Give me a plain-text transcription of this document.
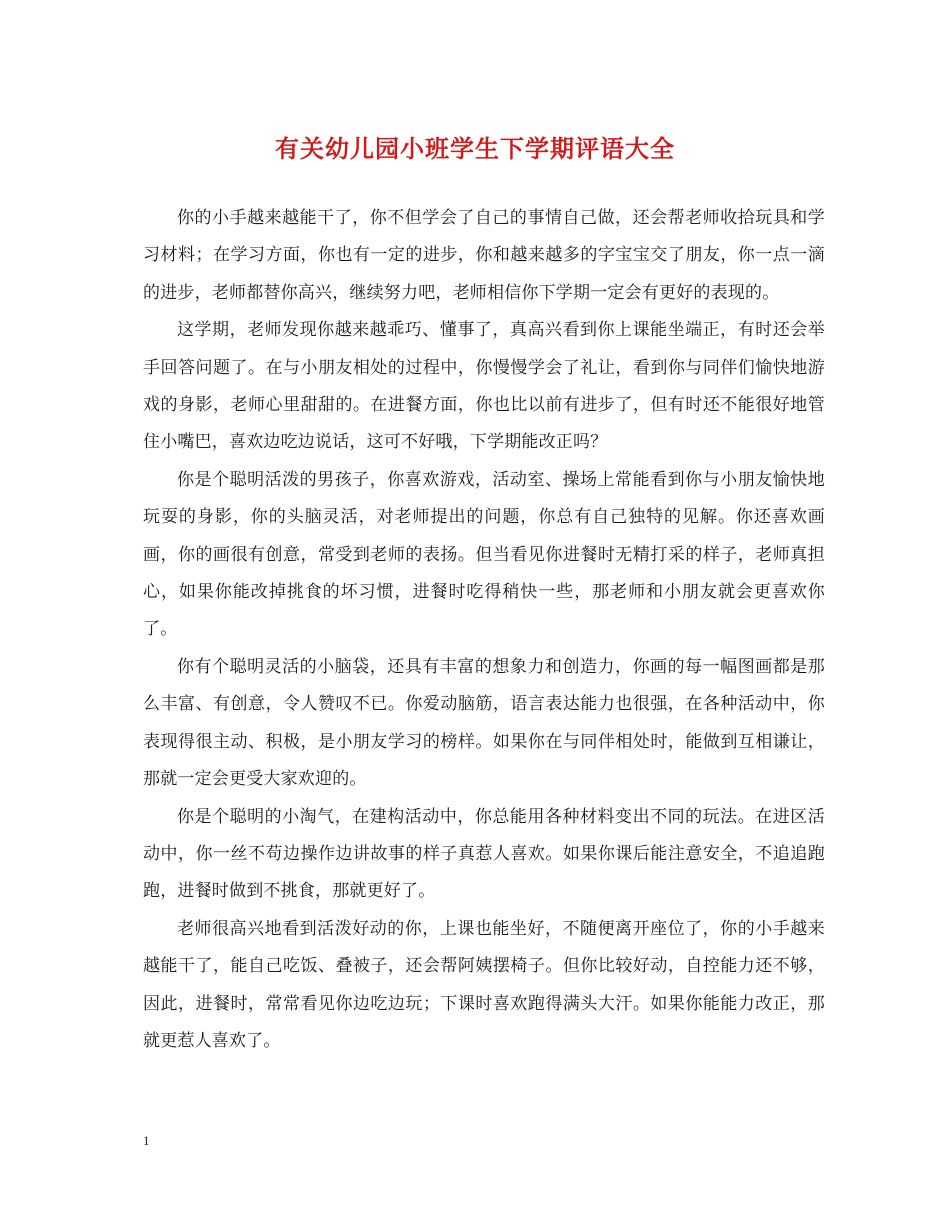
有关幼儿园小班学生下学期评语大全

你的小手越来越能干了，你不但学会了自己的事情自己做，还会帮老师收拾玩具和学习材料；在学习方面，你也有一定的进步，你和越来越多的字宝宝交了朋友，你一点一滴的进步，老师都替你高兴，继续努力吧，老师相信你下学期一定会有更好的表现的。

这学期，老师发现你越来越乖巧、懂事了，真高兴看到你上课能坐端正，有时还会举手回答问题了。在与小朋友相处的过程中，你慢慢学会了礼让，看到你与同伴们愉快地游戏的身影，老师心里甜甜的。在进餐方面，你也比以前有进步了，但有时还不能很好地管住小嘴巴，喜欢边吃边说话，这可不好哦，下学期能改正吗？

你是个聪明活泼的男孩子，你喜欢游戏，活动室、操场上常能看到你与小朋友愉快地玩耍的身影，你的头脑灵活，对老师提出的问题，你总有自己独特的见解。你还喜欢画画，你的画很有创意，常受到老师的表扬。但当看见你进餐时无精打采的样子，老师真担心，如果你能改掉挑食的坏习惯，进餐时吃得稍快一些，那老师和小朋友就会更喜欢你了。

你有个聪明灵活的小脑袋，还具有丰富的想象力和创造力，你画的每一幅图画都是那么丰富、有创意，令人赞叹不已。你爱动脑筋，语言表达能力也很强，在各种活动中，你表现得很主动、积极，是小朋友学习的榜样。如果你在与同伴相处时，能做到互相谦让，那就一定会更受大家欢迎的。

你是个聪明的小淘气，在建构活动中，你总能用各种材料变出不同的玩法。在进区活动中，你一丝不苟边操作边讲故事的样子真惹人喜欢。如果你课后能注意安全，不追追跑跑，进餐时做到不挑食，那就更好了。

老师很高兴地看到活泼好动的你，上课也能坐好，不随便离开座位了，你的小手越来越能干了，能自己吃饭、叠被子，还会帮阿姨摆椅子。但你比较好动，自控能力还不够，因此，进餐时，常常看见你边吃边玩；下课时喜欢跑得满头大汗。如果你能能力改正，那就更惹人喜欢了。

1
